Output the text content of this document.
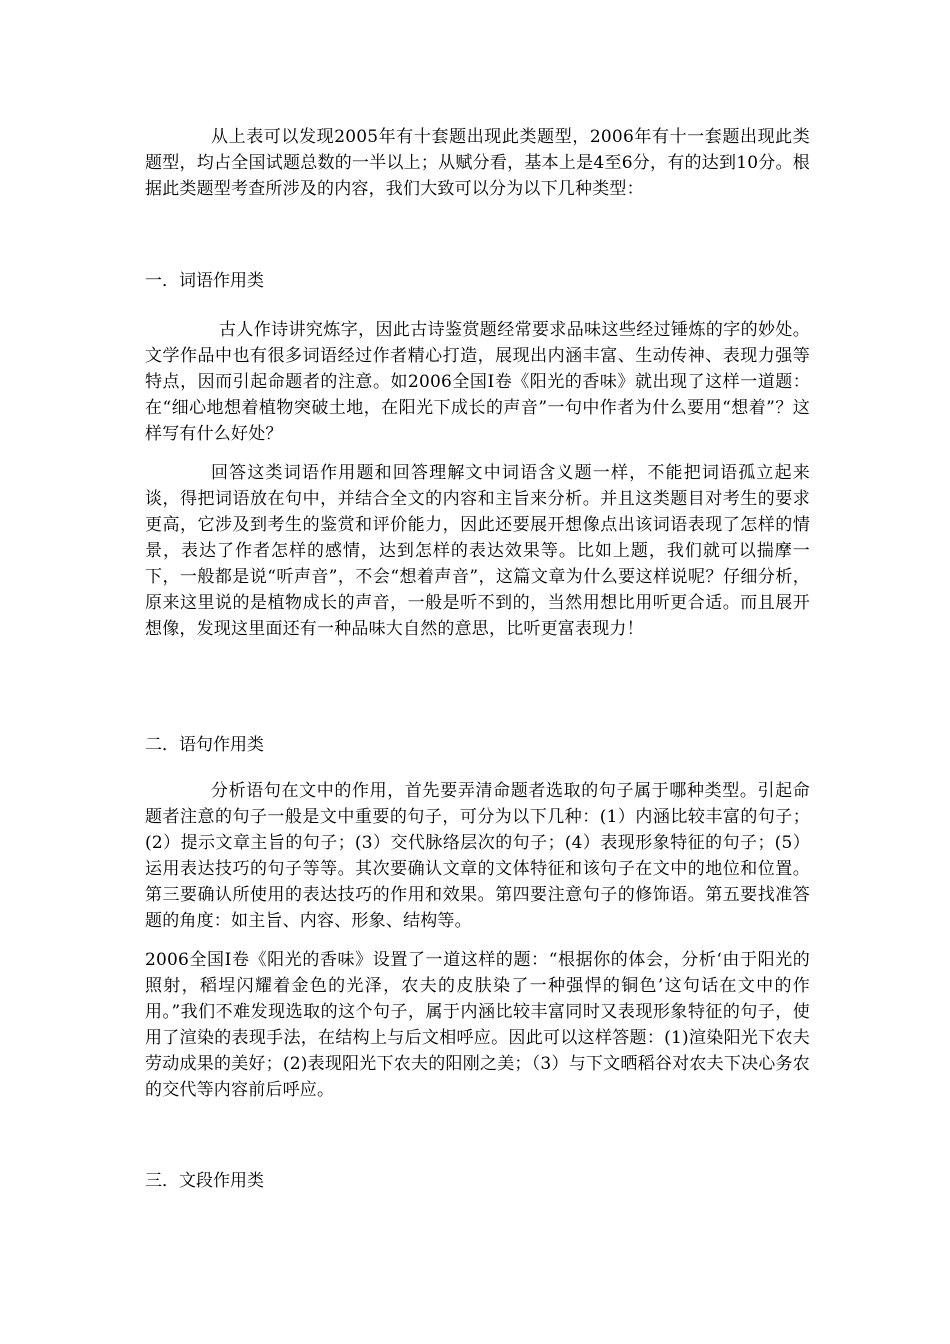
从上表可以发现2005年有十套题出现此类题型，2006年有十一套题出现此类题型，均占全国试题总数的一半以上；从赋分看，基本上是4至6分，有的达到10分。根据此类题型考查所涉及的内容，我们大致可以分为以下几种类型：

一．词语作用类

古人作诗讲究炼字，因此古诗鉴赏题经常要求品味这些经过锤炼的字的妙处。文学作品中也有很多词语经过作者精心打造，展现出内涵丰富、生动传神、表现力强等特点，因而引起命题者的注意。如2006全国Ⅰ卷《阳光的香味》就出现了这样一道题：在“细心地想着植物突破土地，在阳光下成长的声音”一句中作者为什么要用“想着”？这样写有什么好处？

回答这类词语作用题和回答理解文中词语含义题一样，不能把词语孤立起来谈，得把词语放在句中，并结合全文的内容和主旨来分析。并且这类题目对考生的要求更高，它涉及到考生的鉴赏和评价能力，因此还要展开想像点出该词语表现了怎样的情景，表达了作者怎样的感情，达到怎样的表达效果等。比如上题，我们就可以揣摩一下，一般都是说“听声音”，不会“想着声音”，这篇文章为什么要这样说呢？仔细分析，原来这里说的是植物成长的声音，一般是听不到的，当然用想比用听更合适。而且展开想像，发现这里面还有一种品味大自然的意思，比听更富表现力！

二．语句作用类

分析语句在文中的作用，首先要弄清命题者选取的句子属于哪种类型。引起命题者注意的句子一般是文中重要的句子，可分为以下几种：(1）内涵比较丰富的句子；(2）提示文章主旨的句子；(3）交代脉络层次的句子；(4）表现形象特征的句子；(5）运用表达技巧的句子等等。其次要确认文章的文体特征和该句子在文中的地位和位置。第三要确认所使用的表达技巧的作用和效果。第四要注意句子的修饰语。第五要找准答题的角度：如主旨、内容、形象、结构等。

2006全国Ⅰ卷《阳光的香味》设置了一道这样的题：“根据你的体会，分析‘由于阳光的照射，稻埕闪耀着金色的光泽，农夫的皮肤染了一种强悍的铜色’这句话在文中的作用。”我们不难发现选取的这个句子，属于内涵比较丰富同时又表现形象特征的句子，使用了渲染的表现手法，在结构上与后文相呼应。因此可以这样答题：(1)渲染阳光下农夫劳动成果的美好；(2)表现阳光下农夫的阳刚之美；（3）与下文晒稻谷对农夫下决心务农的交代等内容前后呼应。

三．文段作用类
